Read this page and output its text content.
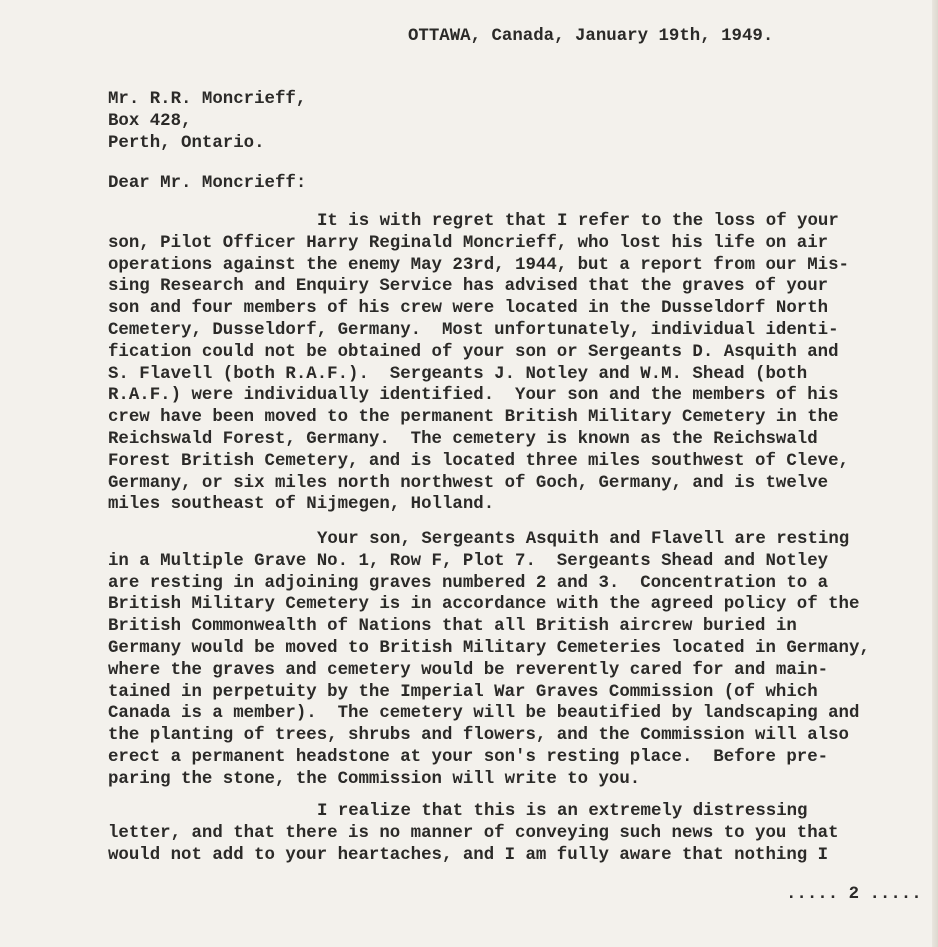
OTTAWA, Canada, January 19th, 1949.
Mr. R.R. Moncrieff,
Box 428,
Perth, Ontario.
Dear Mr. Moncrieff:
It is with regret that I refer to the loss of your
son, Pilot Officer Harry Reginald Moncrieff, who lost his life on air
operations against the enemy May 23rd, 1944, but a report from our Mis-
sing Research and Enquiry Service has advised that the graves of your
son and four members of his crew were located in the Dusseldorf North
Cemetery, Dusseldorf, Germany.  Most unfortunately, individual identi-
fication could not be obtained of your son or Sergeants D. Asquith and
S. Flavell (both R.A.F.).  Sergeants J. Notley and W.M. Shead (both
R.A.F.) were individually identified.  Your son and the members of his
crew have been moved to the permanent British Military Cemetery in the
Reichswald Forest, Germany.  The cemetery is known as the Reichswald
Forest British Cemetery, and is located three miles southwest of Cleve,
Germany, or six miles north northwest of Goch, Germany, and is twelve
miles southeast of Nijmegen, Holland.
Your son, Sergeants Asquith and Flavell are resting
in a Multiple Grave No. 1, Row F, Plot 7.  Sergeants Shead and Notley
are resting in adjoining graves numbered 2 and 3.  Concentration to a
British Military Cemetery is in accordance with the agreed policy of the
British Commonwealth of Nations that all British aircrew buried in
Germany would be moved to British Military Cemeteries located in Germany,
where the graves and cemetery would be reverently cared for and main-
tained in perpetuity by the Imperial War Graves Commission (of which
Canada is a member).  The cemetery will be beautified by landscaping and
the planting of trees, shrubs and flowers, and the Commission will also
erect a permanent headstone at your son's resting place.  Before pre-
paring the stone, the Commission will write to you.
I realize that this is an extremely distressing
letter, and that there is no manner of conveying such news to you that
would not add to your heartaches, and I am fully aware that nothing I
..... 2 .....
